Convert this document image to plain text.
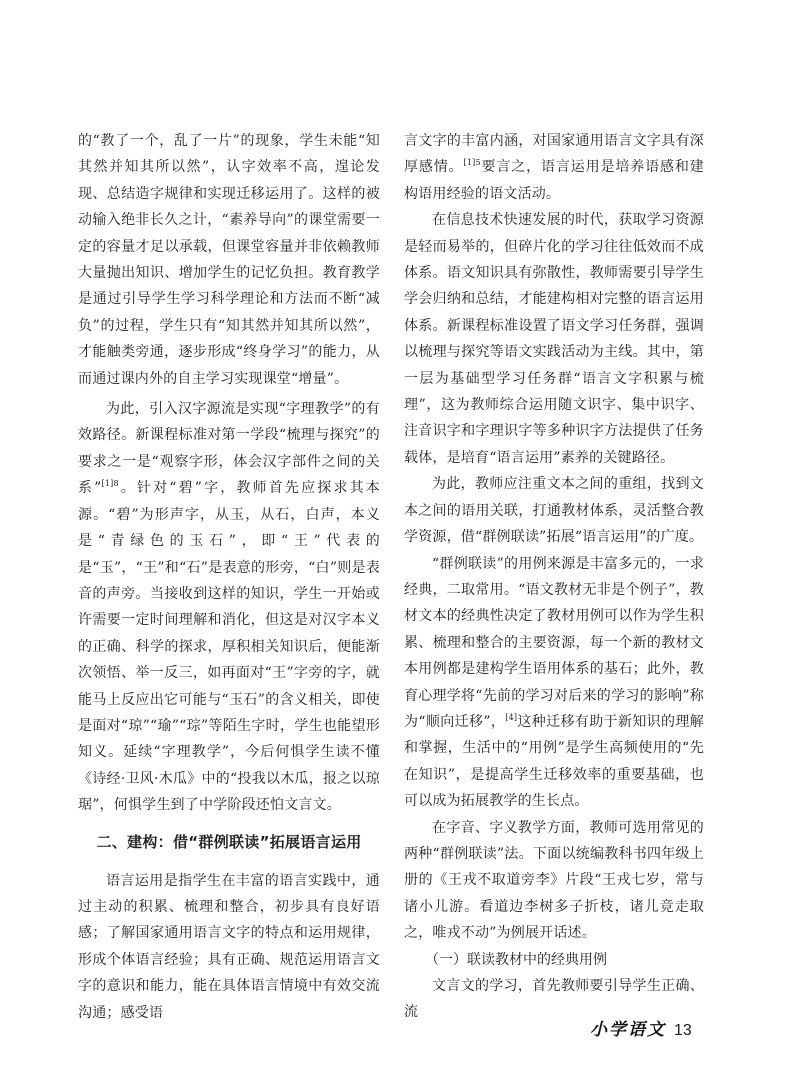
的“教了一个，乱了一片”的现象，学生未能“知其然并知其所以然”，认字效率不高，遑论发现、总结造字规律和实现迁移运用了。这样的被动输入绝非长久之计，“素养导向”的课堂需要一定的容量才足以承载，但课堂容量并非依赖教师大量抛出知识、增加学生的记忆负担。教育教学是通过引导学生学习科学理论和方法而不断“减负”的过程，学生只有“知其然并知其所以然”，才能触类旁通，逐步形成“终身学习”的能力，从而通过课内外的自主学习实现课堂“增量”。

为此，引入汉字源流是实现“字理教学”的有效路径。新课程标准对第一学段“梳理与探究”的要求之一是“观察字形，体会汉字部件之间的关系”$^{[1]8}$。针对“碧”字，教师首先应探求其本源。“碧”为形声字，从玉，从石，白声，本义是“青绿色的玉石”，即“王”代表的是“玉”，“王”和“石”是表意的形旁，“白”则是表音的声旁。当接收到这样的知识，学生一开始或许需要一定时间理解和消化，但这是对汉字本义的正确、科学的探求，厚积相关知识后，便能渐次领悟、举一反三，如再面对“王”字旁的字，就能马上反应出它可能与“玉石”的含义相关，即使是面对“琼”“瑜”“琮”等陌生字时，学生也能望形知义。延续“字理教学”，今后何惧学生读不懂《诗经·卫风·木瓜》中的“投我以木瓜，报之以琼琚”，何惧学生到了中学阶段还怕文言文。

二、建构：借“群例联读”拓展语言运用

语言运用是指学生在丰富的语言实践中，通过主动的积累、梳理和整合，初步具有良好语感；了解国家通用语言文字的特点和运用规律，形成个体语言经验；具有正确、规范运用语言文字的意识和能力，能在具体语言情境中有效交流沟通；感受语

言文字的丰富内涵，对国家通用语言文字具有深厚感情。$^{[1]5}$要言之，语言运用是培养语感和建构语用经验的语文活动。

在信息技术快速发展的时代，获取学习资源是轻而易举的，但碎片化的学习往往低效而不成体系。语文知识具有弥散性，教师需要引导学生学会归纳和总结，才能建构相对完整的语言运用体系。新课程标准设置了语文学习任务群，强调以梳理与探究等语文实践活动为主线。其中，第一层为基础型学习任务群“语言文字积累与梳理”，这为教师综合运用随文识字、集中识字、注音识字和字理识字等多种识字方法提供了任务载体，是培育“语言运用”素养的关键路径。

为此，教师应注重文本之间的重组，找到文本之间的语用关联，打通教材体系，灵活整合教学资源，借“群例联读”拓展“语言运用”的广度。

“群例联读”的用例来源是丰富多元的，一求经典，二取常用。“语文教材无非是个例子”，教材文本的经典性决定了教材用例可以作为学生积累、梳理和整合的主要资源，每一个新的教材文本用例都是建构学生语用体系的基石；此外，教育心理学将“先前的学习对后来的学习的影响”称为“顺向迁移”，[4]这种迁移有助于新知识的理解和掌握，生活中的“用例”是学生高频使用的“先在知识”，是提高学生迁移效率的重要基础，也可以成为拓展教学的生长点。

在字音、字义教学方面，教师可选用常见的两种“群例联读”法。下面以统编教科书四年级上册的《王戎不取道旁李》片段“王戎七岁，常与诸小儿游。看道边李树多子折枝，诸儿竞走取之，唯戎不动”为例展开话述。

（一）联读教材中的经典用例

文言文的学习，首先教师要引导学生正确、流

小学语文 13
